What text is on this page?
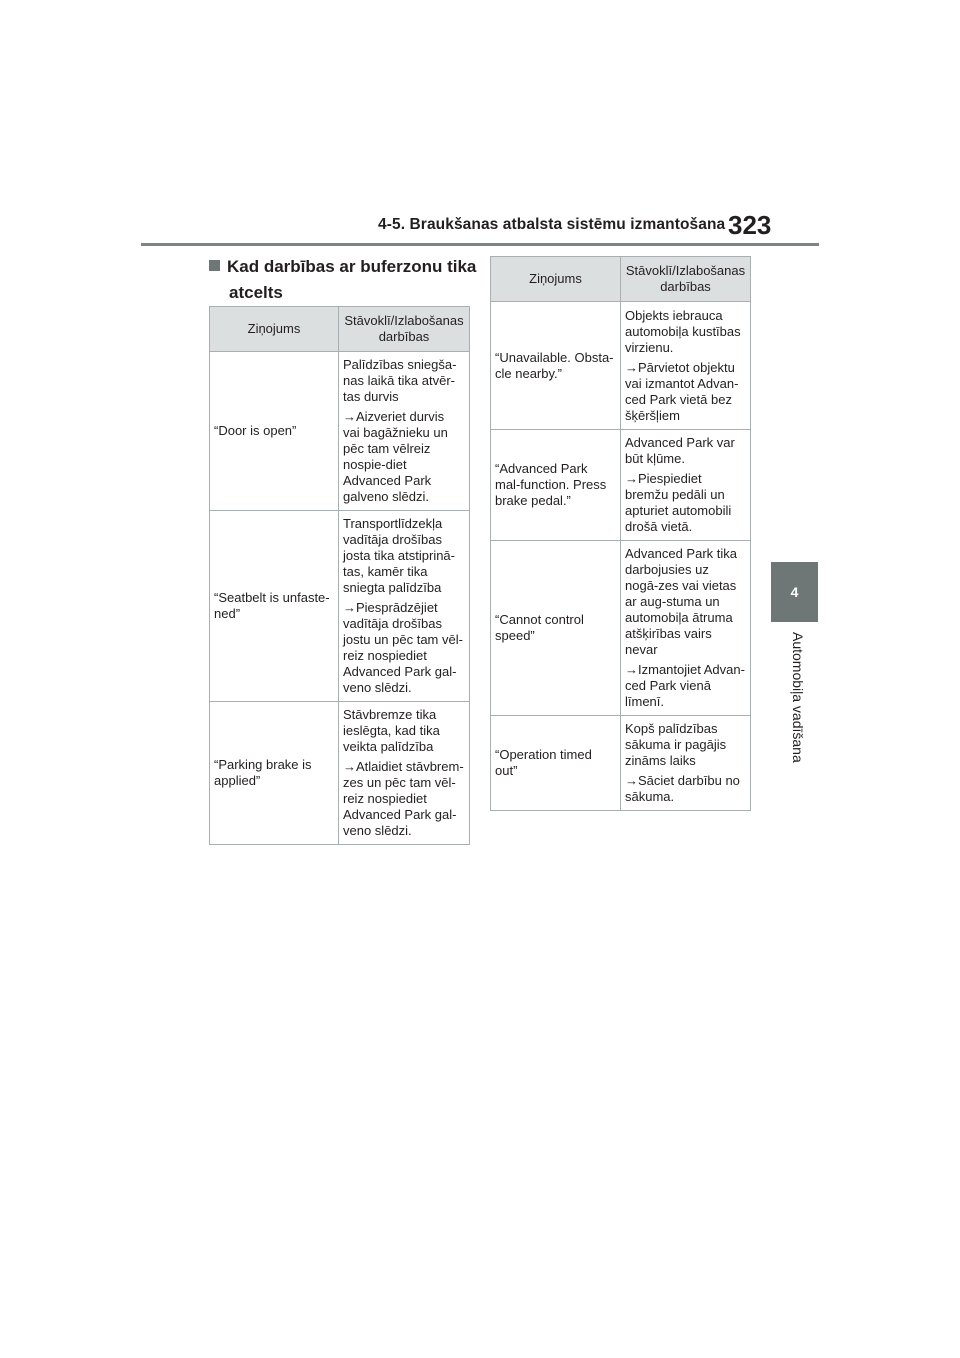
4-5. Braukšanas atbalsta sistēmu izmantošana 323
4
Automobiļa vadīšana
Kad darbības ar buferzonu tika
atcelts
Ziņojums	Stāvoklī/Izlabošanas darbības
“Door is open”	Palīdzības sniegša-nas laikā tika atvēr-tas durvis

→Aizveriet durvis vai bagāžnieku un pēc tam vēlreiz nospie-diet Advanced Park galveno slēdzi.

“Seatbelt is unfaste-ned”	Transportlīdzekļa vadītāja drošības josta tika atstiprinā-tas, kamēr tika sniegta palīdzība

→Piesprādzējiet vadītāja drošības jostu un pēc tam vēl-reiz nospiediet Advanced Park gal-veno slēdzi.

“Parking brake is applied”	Stāvbremze tika ieslēgta, kad tika veikta palīdzība

→Atlaidiet stāvbrem-zes un pēc tam vēl-reiz nospiediet Advanced Park gal-veno slēdzi.

Ziņojums	Stāvoklī/Izlabošanas darbības
“Unavailable. Obsta-cle nearby.”	Objekts iebrauca automobiļa kustības virzienu.

→Pārvietot objektu vai izmantot Advan-ced Park vietā bez šķēršļiem

“Advanced Park mal-function. Press brake pedal.”	Advanced Park var būt kļūme.

→Piespiediet bremžu pedāli un apturiet automobili drošā vietā.

“Cannot control speed”	Advanced Park tika darbojusies uz nogā-zes vai vietas ar aug-stuma un automobiļa ātruma atšķirības vairs nevar

→Izmantojiet Advan-ced Park vienā līmenī.

“Operation timed out”	Kopš palīdzības sākuma ir pagājis zināms laiks

→Sāciet darbību no sākuma.
